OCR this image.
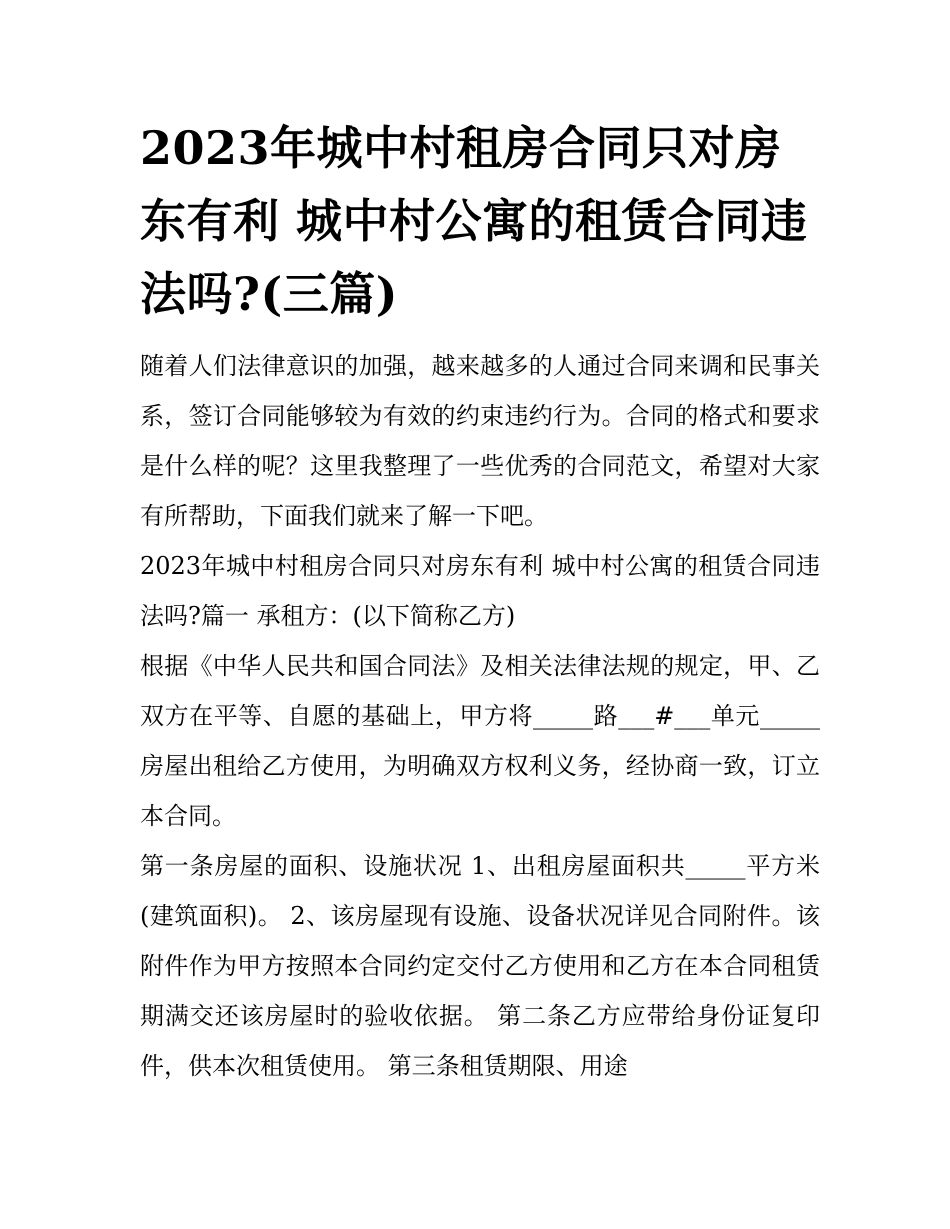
2023年城中村租房合同只对房东有利 城中村公寓的租赁合同违法吗?(三篇)

随着人们法律意识的加强，越来越多的人通过合同来调和民事关系，签订合同能够较为有效的约束违约行为。合同的格式和要求是什么样的呢？这里我整理了一些优秀的合同范文，希望对大家有所帮助，下面我们就来了解一下吧。

2023年城中村租房合同只对房东有利 城中村公寓的租赁合同违法吗?篇一 承租方：(以下简称乙方)

根据《中华人民共和国合同法》及相关法律法规的规定，甲、乙双方在平等、自愿的基础上，甲方将_____路___#___单元_____房屋出租给乙方使用，为明确双方权利义务，经协商一致，订立本合同。

第一条房屋的面积、设施状况 1、出租房屋面积共_____平方米(建筑面积)。 2、该房屋现有设施、设备状况详见合同附件。该附件作为甲方按照本合同约定交付乙方使用和乙方在本合同租赁期满交还该房屋时的验收依据。 第二条乙方应带给身份证复印件，供本次租赁使用。 第三条租赁期限、用途
